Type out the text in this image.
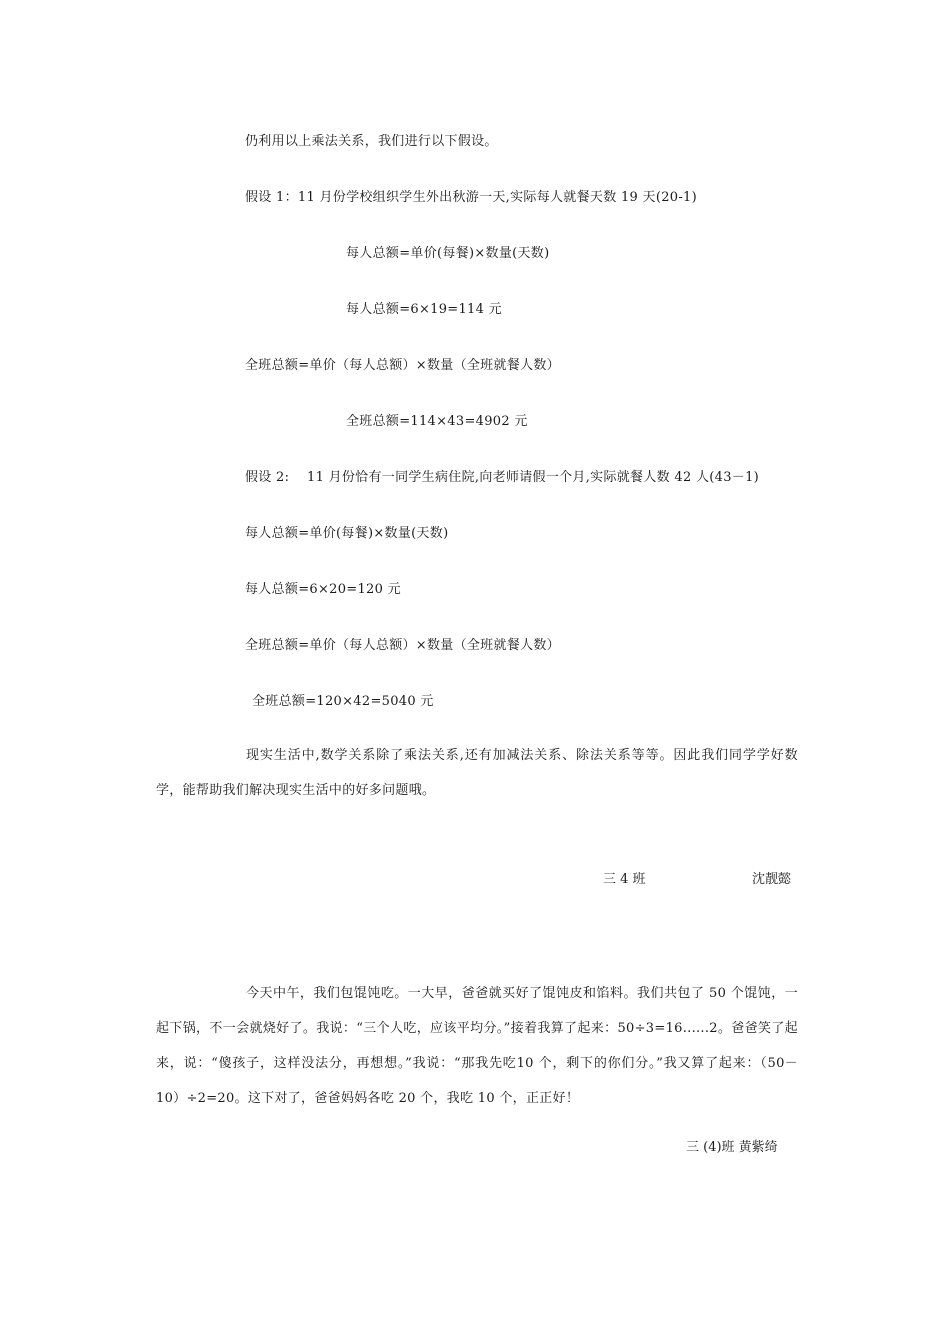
仍利用以上乘法关系，我们进行以下假设。
假设 1：11 月份学校组织学生外出秋游一天,实际每人就餐天数 19 天(20-1)
每人总额=单价(每餐)×数量(天数)
每人总额=6×19=114 元
全班总额=单价（每人总额）×数量（全班就餐人数）
全班总额=114×43=4902 元
假设 2:    11 月份恰有一同学生病住院,向老师请假一个月,实际就餐人数 42 人(43－1)
每人总额=单价(每餐)×数量(天数)
每人总额=6×20=120 元
全班总额=单价（每人总额）×数量（全班就餐人数）
全班总额=120×42=5040 元
现实生活中,数学关系除了乘法关系,还有加减法关系、除法关系等等。因此我们同学学好数学，能帮助我们解决现实生活中的好多问题哦。
三 4 班	沈靓懿
今天中午，我们包馄饨吃。一大早，爸爸就买好了馄饨皮和馅料。我们共包了 50 个馄饨，一起下锅，不一会就烧好了。我说：“三个人吃，应该平均分。”接着我算了起来：50÷3=16......2。爸爸笑了起来，说：“傻孩子，这样没法分，再想想。”我说：“那我先吃10 个，剩下的你们分。”我又算了起来：（50－10）÷2=20。这下对了，爸爸妈妈各吃 20 个，我吃 10 个，正正好！
三 (4)班 黄紫绮
